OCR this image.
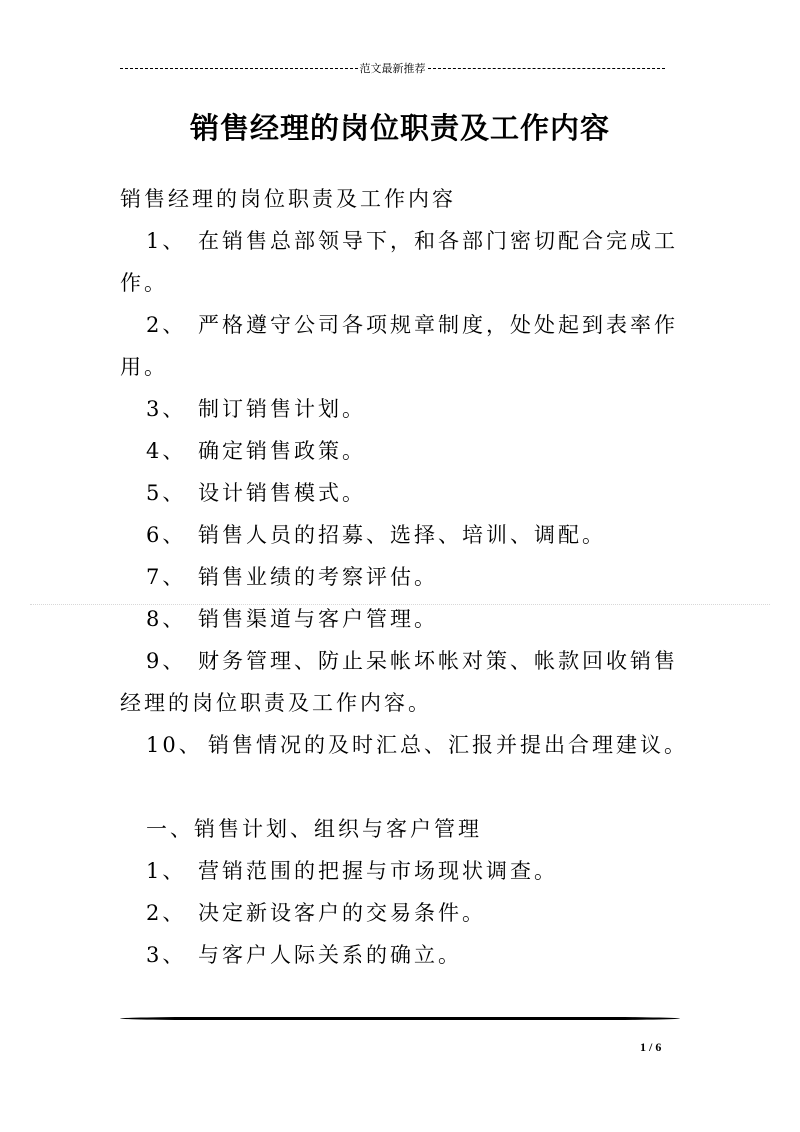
范文最新推荐
销售经理的岗位职责及工作内容

销售经理的岗位职责及工作内容

1、 在销售总部领导下，和各部门密切配合完成工

作。

2、 严格遵守公司各项规章制度，处处起到表率作

用。

3、 制订销售计划。

4、 确定销售政策。

5、 设计销售模式。

6、 销售人员的招募、选择、培训、调配。

7、 销售业绩的考察评估。

8、 销售渠道与客户管理。

9、 财务管理、防止呆帐坏帐对策、帐款回收销售

经理的岗位职责及工作内容。

10、 销售情况的及时汇总、汇报并提出合理建议。

一、销售计划、组织与客户管理

1、 营销范围的把握与市场现状调查。

2、 决定新设客户的交易条件。

3、 与客户人际关系的确立。

1 / 6
